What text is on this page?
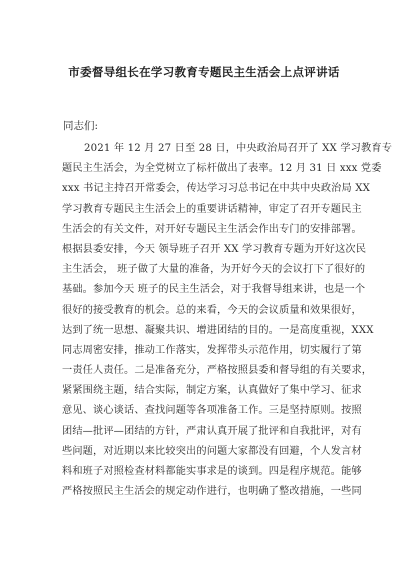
市委督导组长在学习教育专题民主生活会上点评讲话

同志们:

2021 年 12 月 27 日至 28 日，中央政治局召开了 XX 学习教育专
题民主生活会，为全党树立了标杆做出了表率。12 月 31 日 xxx 党委
xxx 书记主持召开常委会，传达学习习总书记在中共中央政治局 XX
学习教育专题民主生活会上的重要讲话精神，审定了召开专题民主
生活会的有关文件，对开好专题民主生活会作出专门的安排部署。
根据县委安排，今天 领导班子召开 XX 学习教育专题为开好这次民
主生活会， 班子做了大量的准备，为开好今天的会议打下了很好的
基础。参加今天 班子的民主生活会，对于我督导组来讲，也是一个
很好的接受教育的机会。总的来看，今天的会议质量和效果很好，
达到了统一思想、凝聚共识、增进团结的目的。一是高度重视，XXX
同志周密安排，推动工作落实，发挥带头示范作用，切实履行了第
一责任人责任。二是准备充分，严格按照县委和督导组的有关要求，
紧紧围绕主题，结合实际，制定方案，认真做好了集中学习、征求
意见、谈心谈话、查找问题等各项准备工作。三是坚持原则。按照
团结—批评—团结的方针，严肃认真开展了批评和自我批评，对有
些问题，对近期以来比较突出的问题大家都没有回避，个人发言材
料和班子对照检查材料都能实事求是的谈到。四是程序规范。能够
严格按照民主生活会的规定动作进行，也明确了整改措施，一些同
